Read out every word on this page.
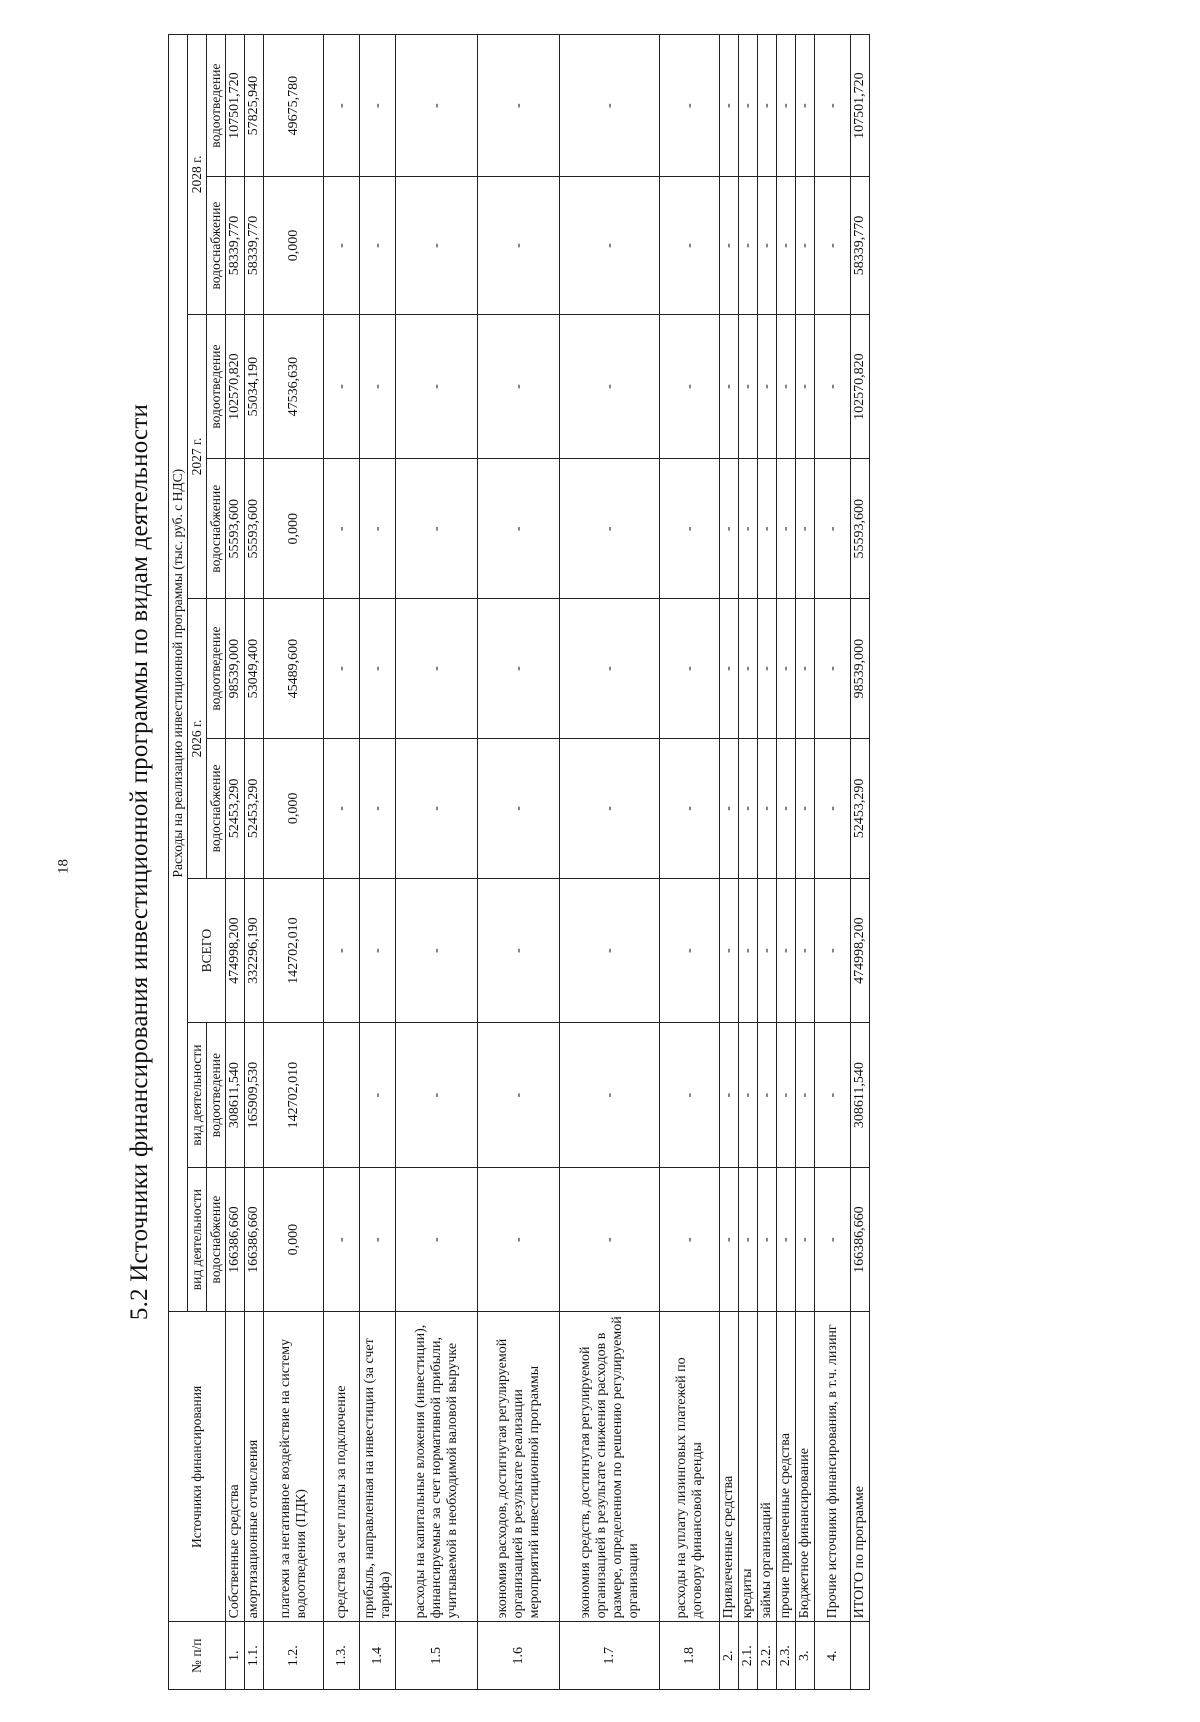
18 5.2 Источники финансирования инвестиционной программы по видам деятельности
№ п/п	Источники финансирования	Расходы на реализацию инвестиционной программы (тыс. руб. с НДС)								
		вид деятельности	вид деятельности	ВСЕГО	2026 г.		2027 г.		2028 г.	
		водоснабжение	водоотведение		водоснабжение	водоотведение	водоснабжение	водоотведение	водоснабжение	водоотведение
1.	Собственные средства	166386,660	308611,540	474998,200	52453,290	98539,000	55593,600	102570,820	58339,770	107501,720
1.1.	амортизационные отчисления	166386,660	165909,530	332296,190	52453,290	53049,400	55593,600	55034,190	58339,770	57825,940
1.2.	платежи за негативное воздействие на систему водоотведения (ПДК)	0,000	142702,010	142702,010	0,000	45489,600	0,000	47536,630	0,000	49675,780
1.3.	средства за счет платы за подключение	-		-	-	-	-	-	-	-
1.4	прибыль, направленная на инвестиции (за счет тарифа)	-	-	-	-	-	-	-	-	-
1.5	расходы на капитальные вложения (инвестиции), финансируемые за счет нормативной прибыли, учитываемой в необходимой валовой выручке	-	-	-	-	-	-	-	-	-
1.6	экономия расходов, достигнутая регулируемой организацией в результате реализации мероприятий инвестиционной программы	-	-	-	-	-	-	-	-	-
1.7	экономия средств, достигнутая регулируемой организацией в результате снижения расходов в размере, определенном по решению регулируемой организации	-	-	-	-	-	-	-	-	-
1.8	расходы на уплату лизинговых платежей по договору финансовой аренды	-	-	-	-	-	-	-	-	-
2.	Привлеченные средства	-	-	-	-	-	-	-	-	-
2.1.	кредиты	-	-	-	-	-	-	-	-	-
2.2.	займы организаций	-	-	-	-	-	-	-	-	-
2.3.	прочие привлеченные средства	-	-	-	-	-	-	-	-	-
3.	Бюджетное финансирование	-	-	-	-	-	-	-	-	-
4.	Прочие источники финансирования, в т.ч. лизинг	-	-	-	-	-	-	-	-	-
	ИТОГО по программе	166386,660	308611,540	474998,200	52453,290	98539,000	55593,600	102570,820	58339,770	107501,720
